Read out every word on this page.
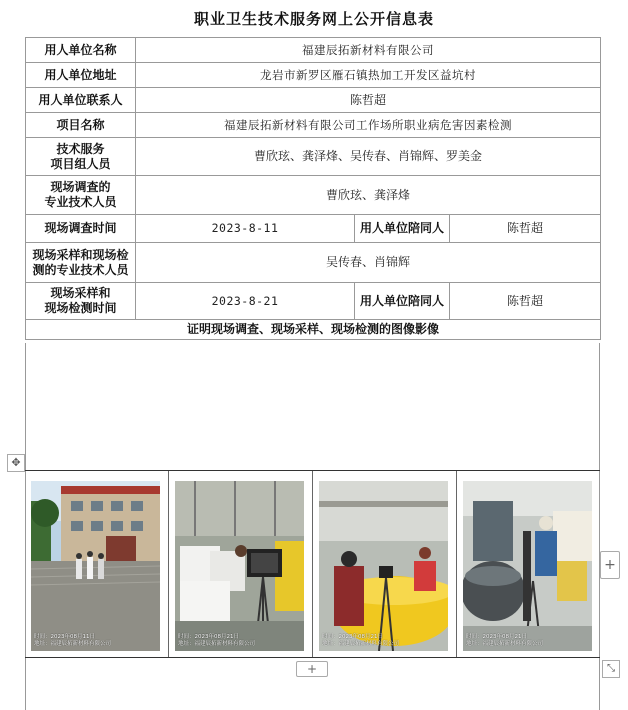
职业卫生技术服务网上公开信息表
用人单位名称	福建辰拓新材料有限公司		
用人单位地址	龙岩市新罗区雁石镇热加工开发区益坑村		
用人单位联系人	陈哲超		
项目名称	福建辰拓新材料有限公司工作场所职业病危害因素检测		
技术服务
项目组人员	曹欣玹、龚泽烽、吴传春、肖锦辉、罗美金		
现场调查的
专业技术人员	曹欣玹、龚泽烽		
现场调查时间	2023-8-11	用人单位陪同人	陈哲超
现场采样和现场检
测的专业技术人员	吴传春、肖锦辉		
现场采样和
现场检测时间	2023-8-21	用人单位陪同人	陈哲超
证明现场调查、现场采样、现场检测的图像影像			
✥
时间：2023年08月11日
地址：福建辰拓新材料有限公司
时间：2023年08月21日
地址：福建辰拓新材料有限公司
时间：2023年08月21日
地址：福建辰拓新材料有限公司
时间：2023年08月21日
地址：福建辰拓新材料有限公司
+
+	⤡
